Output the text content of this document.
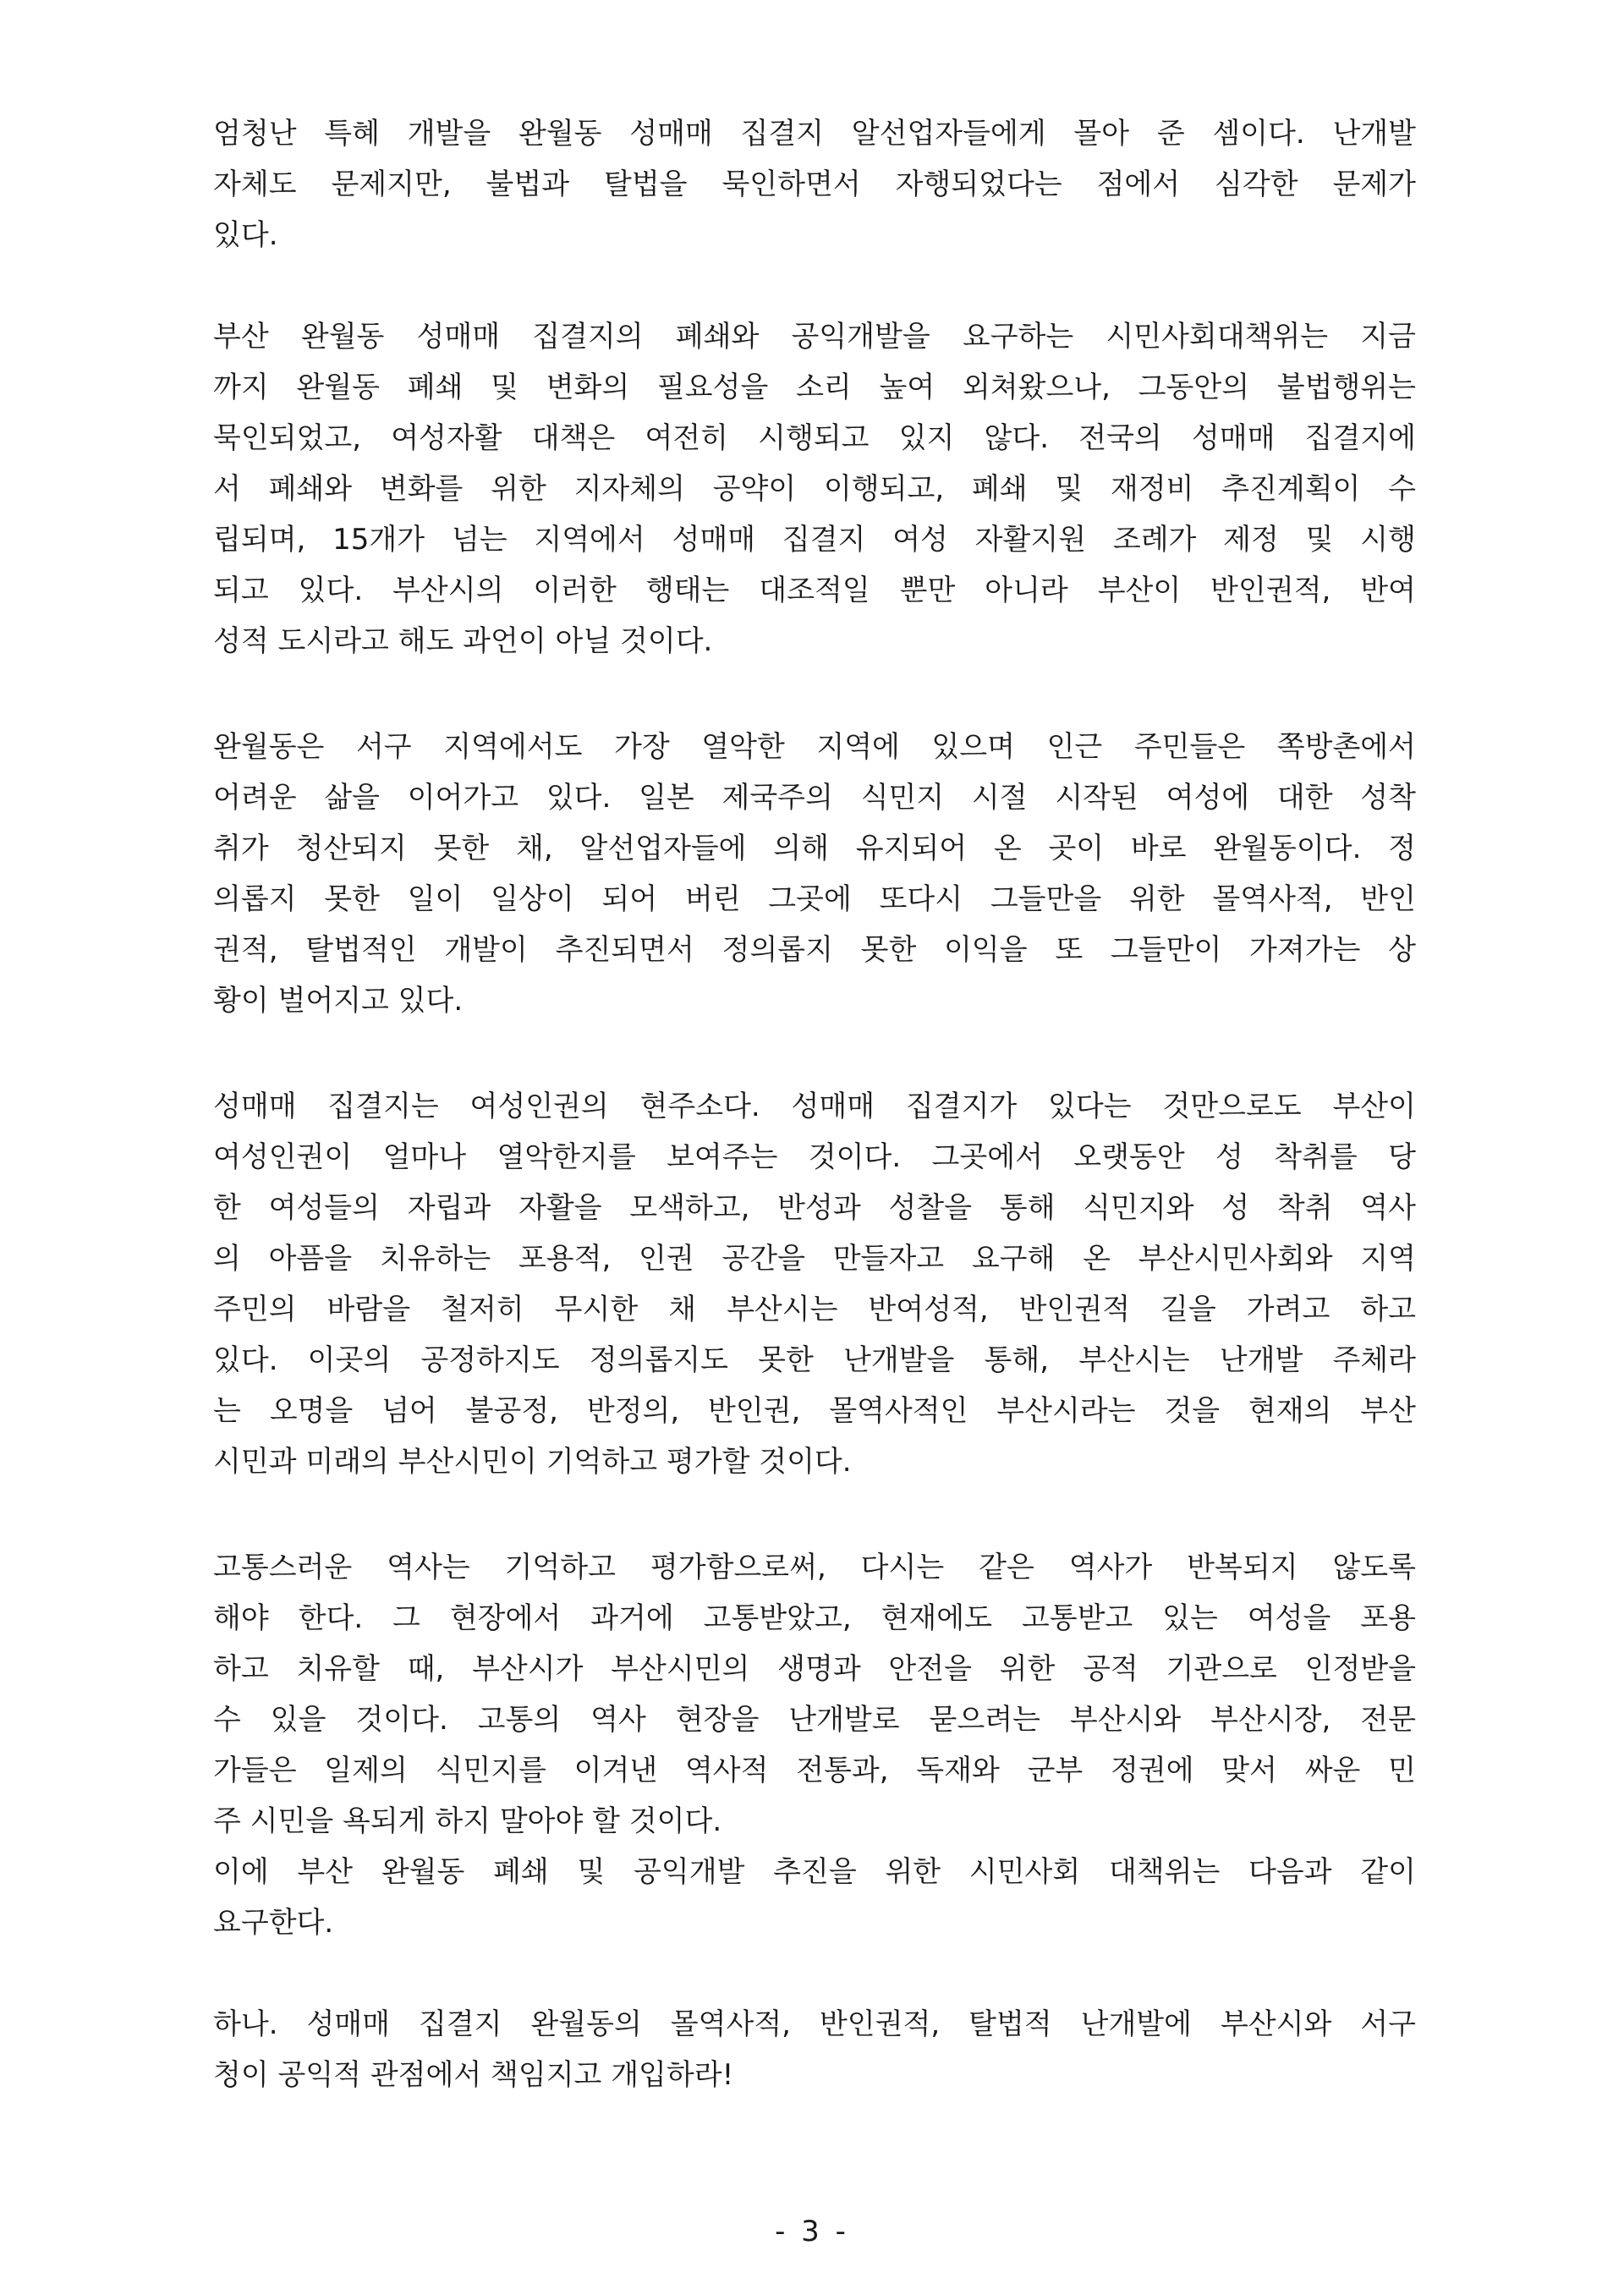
엄청난 특혜 개발을 완월동 성매매 집결지 알선업자들에게 몰아 준 셈이다. 난개발
자체도 문제지만, 불법과 탈법을 묵인하면서 자행되었다는 점에서 심각한 문제가
있다.
부산 완월동 성매매 집결지의 폐쇄와 공익개발을 요구하는 시민사회대책위는 지금
까지 완월동 폐쇄 및 변화의 필요성을 소리 높여 외쳐왔으나, 그동안의 불법행위는
묵인되었고, 여성자활 대책은 여전히 시행되고 있지 않다. 전국의 성매매 집결지에
서 폐쇄와 변화를 위한 지자체의 공약이 이행되고, 폐쇄 및 재정비 추진계획이 수
립되며, 15개가 넘는 지역에서 성매매 집결지 여성 자활지원 조례가 제정 및 시행
되고 있다. 부산시의 이러한 행태는 대조적일 뿐만 아니라 부산이 반인권적, 반여
성적 도시라고 해도 과언이 아닐 것이다.
완월동은 서구 지역에서도 가장 열악한 지역에 있으며 인근 주민들은 쪽방촌에서
어려운 삶을 이어가고 있다. 일본 제국주의 식민지 시절 시작된 여성에 대한 성착
취가 청산되지 못한 채, 알선업자들에 의해 유지되어 온 곳이 바로 완월동이다. 정
의롭지 못한 일이 일상이 되어 버린 그곳에 또다시 그들만을 위한 몰역사적, 반인
권적, 탈법적인 개발이 추진되면서 정의롭지 못한 이익을 또 그들만이 가져가는 상
황이 벌어지고 있다.
성매매 집결지는 여성인권의 현주소다. 성매매 집결지가 있다는 것만으로도 부산이
여성인권이 얼마나 열악한지를 보여주는 것이다. 그곳에서 오랫동안 성 착취를 당
한 여성들의 자립과 자활을 모색하고, 반성과 성찰을 통해 식민지와 성 착취 역사
의 아픔을 치유하는 포용적, 인권 공간을 만들자고 요구해 온 부산시민사회와 지역
주민의 바람을 철저히 무시한 채 부산시는 반여성적, 반인권적 길을 가려고 하고
있다. 이곳의 공정하지도 정의롭지도 못한 난개발을 통해, 부산시는 난개발 주체라
는 오명을 넘어 불공정, 반정의, 반인권, 몰역사적인 부산시라는 것을 현재의 부산
시민과 미래의 부산시민이 기억하고 평가할 것이다.
고통스러운 역사는 기억하고 평가함으로써, 다시는 같은 역사가 반복되지 않도록
해야 한다. 그 현장에서 과거에 고통받았고, 현재에도 고통받고 있는 여성을 포용
하고 치유할 때, 부산시가 부산시민의 생명과 안전을 위한 공적 기관으로 인정받을
수 있을 것이다. 고통의 역사 현장을 난개발로 묻으려는 부산시와 부산시장, 전문
가들은 일제의 식민지를 이겨낸 역사적 전통과, 독재와 군부 정권에 맞서 싸운 민
주 시민을 욕되게 하지 말아야 할 것이다.
이에 부산 완월동 폐쇄 및 공익개발 추진을 위한 시민사회 대책위는 다음과 같이
요구한다.
하나. 성매매 집결지 완월동의 몰역사적, 반인권적, 탈법적 난개발에 부산시와 서구
청이 공익적 관점에서 책임지고 개입하라!
- 3 -
